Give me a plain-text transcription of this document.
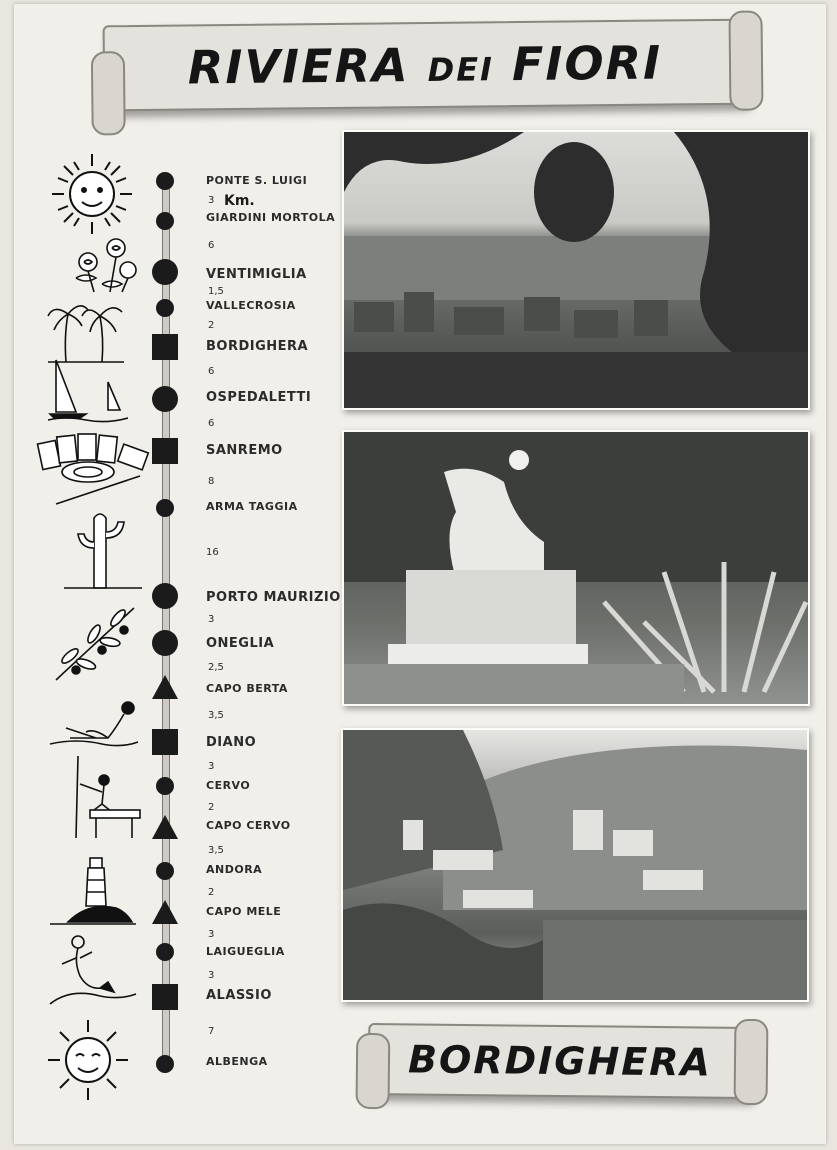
RIVIERA DEI FIORI
PONTE S. LUIGI
GIARDINI MORTOLA
VENTIMIGLIA
VALLECROSIA
BORDIGHERA
OSPEDALETTI
SANREMO
ARMA TAGGIA
PORTO MAURIZIO
ONEGLIA
CAPO BERTA
DIANO
CERVO
CAPO CERVO
ANDORA
CAPO MELE
LAIGUEGLIA
ALASSIO
ALBENGA
3
6
1,5
2
6
6
8
16
3
2,5
3,5
3
2
3,5
2
3
3
7
Km.
BORDIGHERA
